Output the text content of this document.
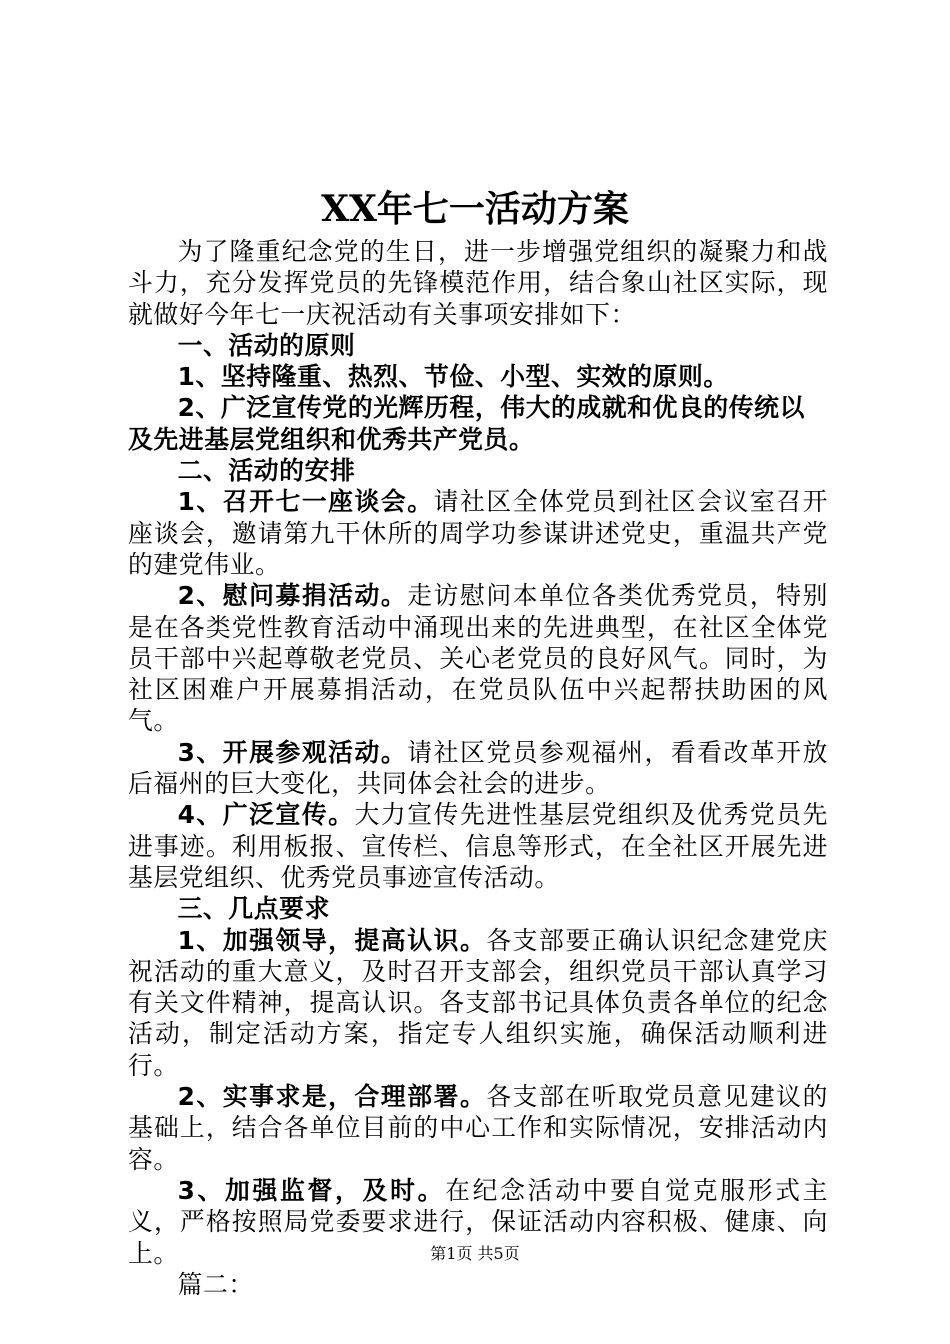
XX年七一活动方案

为了隆重纪念党的生日，进一步增强党组织的凝聚力和战斗力，充分发挥党员的先锋模范作用，结合象山社区实际，现就做好今年七一庆祝活动有关事项安排如下：

一、活动的原则

1、坚持隆重、热烈、节俭、小型、实效的原则。

2、广泛宣传党的光辉历程，伟大的成就和优良的传统以及先进基层党组织和优秀共产党员。

二、活动的安排

1、召开七一座谈会。请社区全体党员到社区会议室召开座谈会，邀请第九干休所的周学功参谋讲述党史，重温共产党的建党伟业。

2、慰问募捐活动。走访慰问本单位各类优秀党员，特别是在各类党性教育活动中涌现出来的先进典型，在社区全体党员干部中兴起尊敬老党员、关心老党员的良好风气。同时，为社区困难户开展募捐活动，在党员队伍中兴起帮扶助困的风气。

3、开展参观活动。请社区党员参观福州，看看改革开放后福州的巨大变化，共同体会社会的进步。

4、广泛宣传。大力宣传先进性基层党组织及优秀党员先进事迹。利用板报、宣传栏、信息等形式，在全社区开展先进基层党组织、优秀党员事迹宣传活动。

三、几点要求

1、加强领导，提高认识。各支部要正确认识纪念建党庆祝活动的重大意义，及时召开支部会，组织党员干部认真学习有关文件精神，提高认识。各支部书记具体负责各单位的纪念活动，制定活动方案，指定专人组织实施，确保活动顺利进行。

2、实事求是，合理部署。各支部在听取党员意见建议的基础上，结合各单位目前的中心工作和实际情况，安排活动内容。

3、加强监督，及时。在纪念活动中要自觉克服形式主义，严格按照局党委要求进行，保证活动内容积极、健康、向上。

篇二：

第1页 共5页
